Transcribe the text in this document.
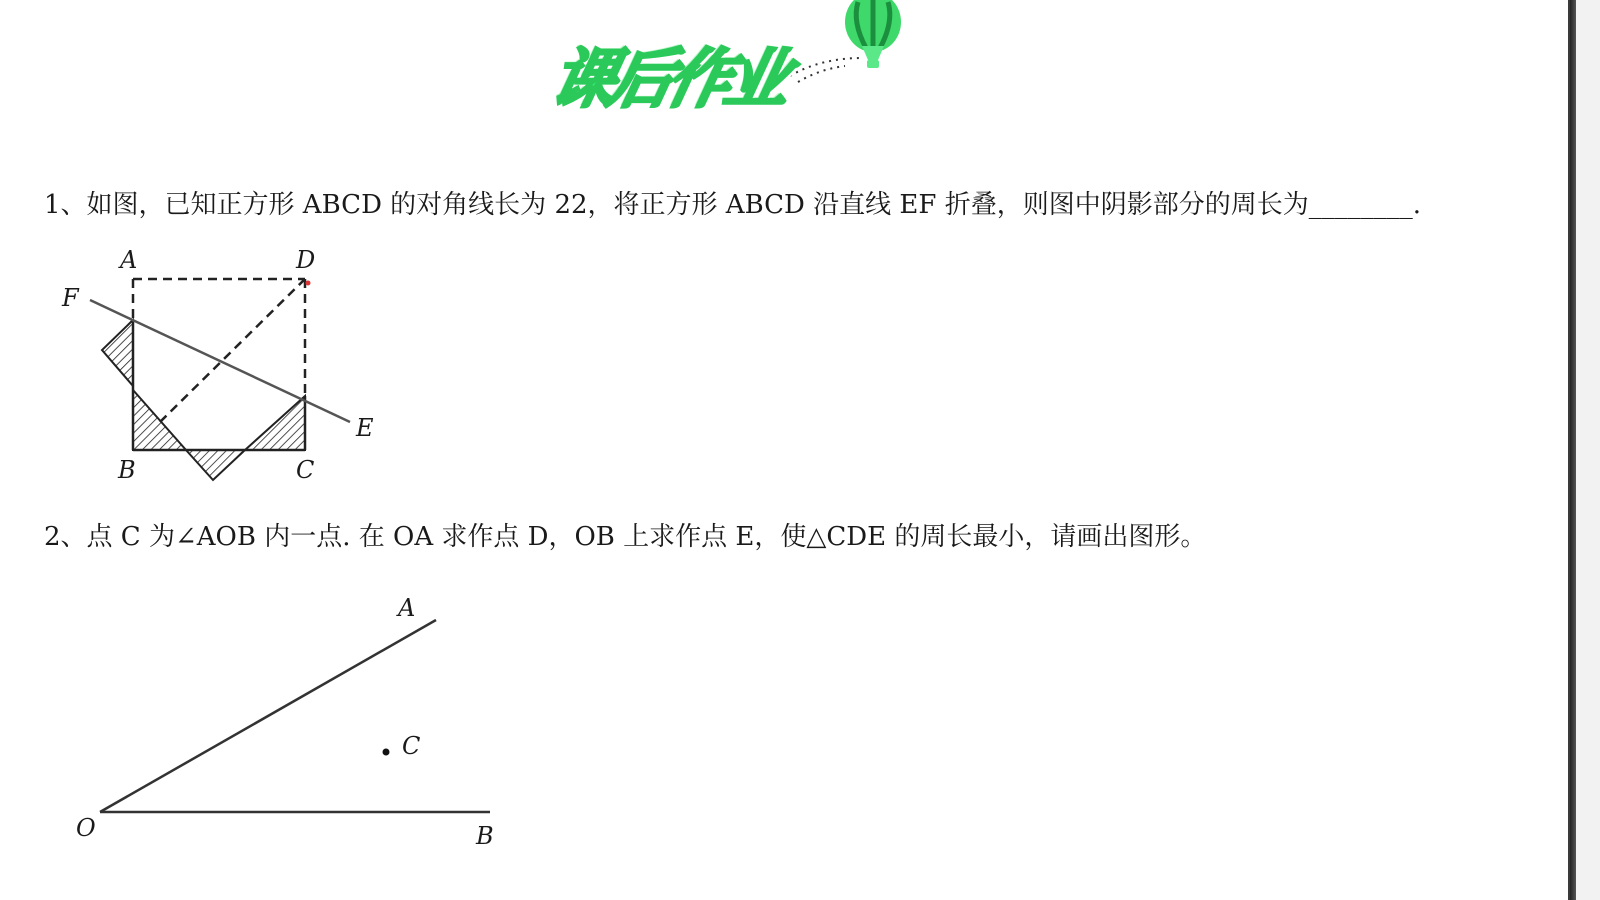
课后作业
1、如图，已知正方形 ABCD 的对角线长为 22，将正方形 ABCD 沿直线 EF 折叠，则图中阴影部分的周长为________.
A	D
F
E
B	C
2、点 C 为∠AOB 内一点. 在 OA 求作点 D，OB 上求作点 E，使△CDE 的周长最小，请画出图形。
A
C
O	B
